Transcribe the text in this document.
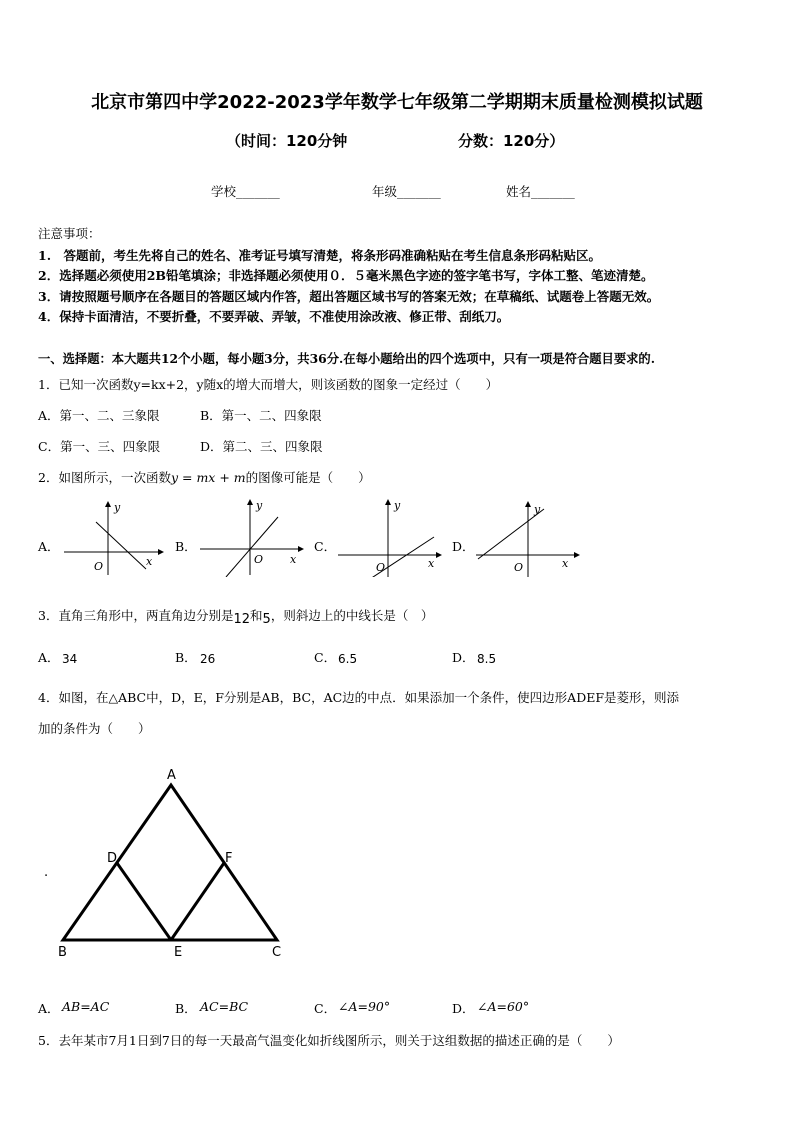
北京市第四中学2022-2023学年数学七年级第二学期期末质量检测模拟试题
（时间：120分钟	分数：120分）
学校_______	年级_______	姓名_______
注意事项：
1.　答题前，考生先将自己的姓名、准考证号填写清楚，将条形码准确粘贴在考生信息条形码粘贴区。
2．选择题必须使用2B铅笔填涂；非选择题必须使用０．５毫米黑色字迹的签字笔书写，字体工整、笔迹清楚。
3．请按照题号顺序在各题目的答题区域内作答，超出答题区域书写的答案无效；在草稿纸、试题卷上答题无效。
4．保持卡面清洁，不要折叠，不要弄破、弄皱，不准使用涂改液、修正带、刮纸刀。
一、选择题：本大题共12个小题，每小题3分，共36分.在每小题给出的四个选项中，只有一项是符合题目要求的.
1．已知一次函数y=kx+2，y随x的增大而增大，则该函数的图象一定经过（　　）
A．第一、二、三象限	B．第一、二、四象限
C．第一、三、四象限	D．第二、三、四象限
2．如图所示，一次函数y = mx + m的图像可能是（　　）
A．	B．	C．	D．
y
x
O
y
x
O
y
x
O
y
x
O
3．直角三角形中，两直角边分别是12和5，则斜边上的中线长是（　）
A． 34	B． 26	C． 6.5	D． 8.5
4．如图，在△ABC中，D，E，F分别是AB，BC，AC边的中点．如果添加一个条件，使四边形ADEF是菱形，则添
加的条件为（　　）
A
D	F
B	E	C
.
A． AB=AC	B． AC=BC	C． ∠A=90°	D． ∠A=60°
5．去年某市7月1日到7日的每一天最高气温变化如折线图所示，则关于这组数据的描述正确的是（　　）
